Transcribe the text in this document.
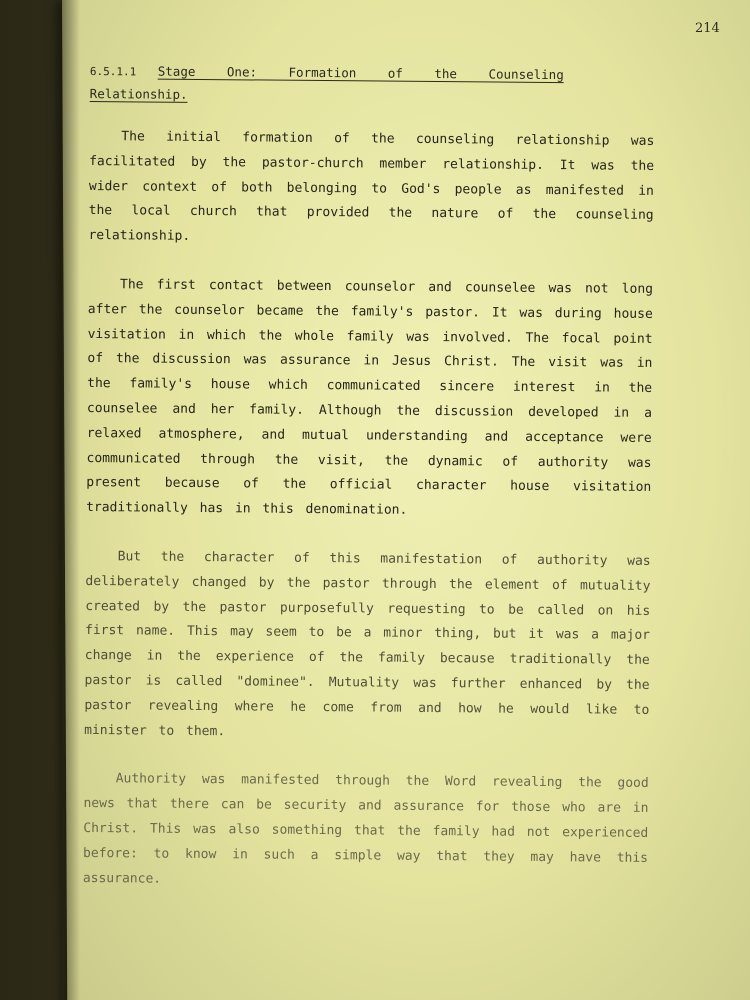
214
6.5.1.1 Stage One: Formation of the Counseling Relationship.

The initial formation of the counseling relationship was facilitated by the pastor-church member relationship. It was the wider context of both belonging to God's people as manifested in the local church that provided the nature of the counseling relationship.

The first contact between counselor and counselee was not long after the counselor became the family's pastor. It was during house visitation in which the whole family was involved. The focal point of the discussion was assurance in Jesus Christ. The visit was in the family's house which communicated sincere interest in the counselee and her family. Although the discussion developed in a relaxed atmosphere, and mutual understanding and acceptance were communicated through the visit, the dynamic of authority was present because of the official character house visitation traditionally has in this denomination.

But the character of this manifestation of authority was deliberately changed by the pastor through the element of mutuality created by the pastor purposefully requesting to be called on his first name. This may seem to be a minor thing, but it was a major change in the experience of the family because traditionally the pastor is called "dominee". Mutuality was further enhanced by the pastor revealing where he come from and how he would like to minister to them.

Authority was manifested through the Word revealing the good news that there can be security and assurance for those who are in Christ. This was also something that the family had not experienced before: to know in such a simple way that they may have this assurance.
